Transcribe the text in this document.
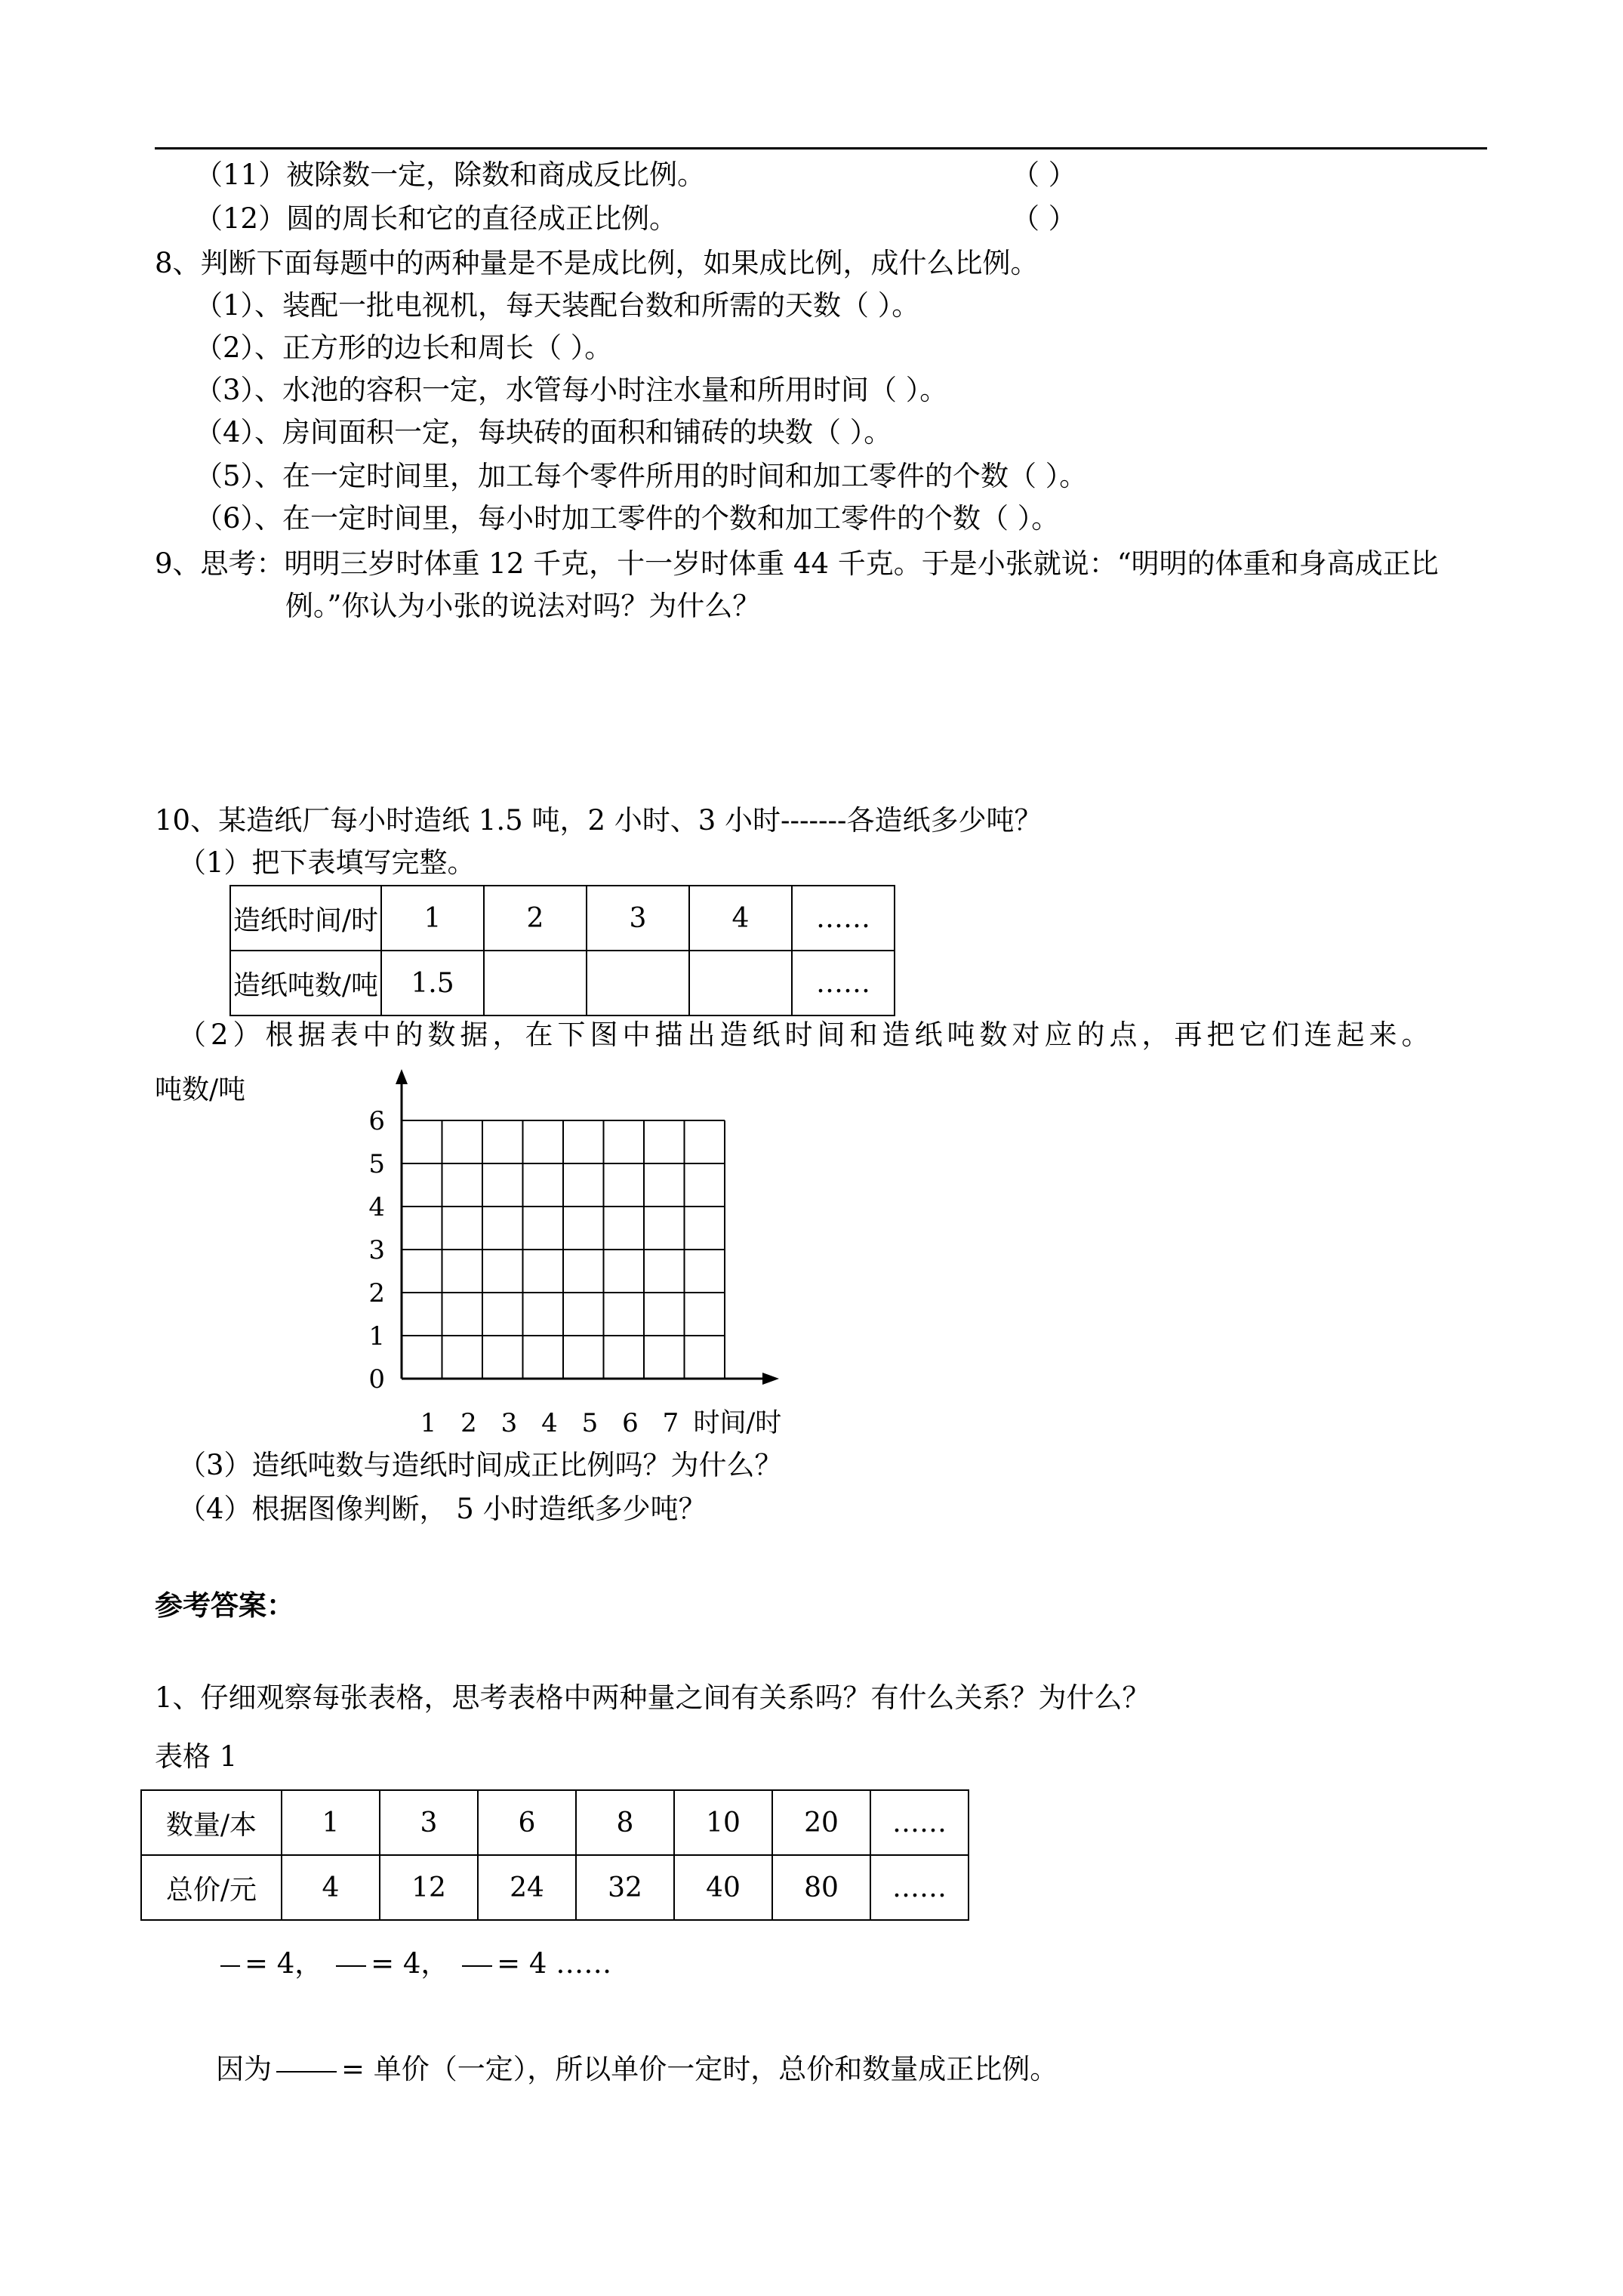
（11）被除数一定，除数和商成反比例。	（ ）
（12）圆的周长和它的直径成正比例。	（ ）
8、判断下面每题中的两种量是不是成比例，如果成比例，成什么比例。
（1）、装配一批电视机，每天装配台数和所需的天数（ ）。
（2）、正方形的边长和周长（ ）。
（3）、水池的容积一定，水管每小时注水量和所用时间（ ）。
（4）、房间面积一定，每块砖的面积和铺砖的块数（ ）。
（5）、在一定时间里，加工每个零件所用的时间和加工零件的个数（ ）。
（6）、在一定时间里，每小时加工零件的个数和加工零件的个数（ ）。
9、思考：明明三岁时体重 12 千克，十一岁时体重 44 千克。于是小张就说：“明明的体重和身高成正比
例。”你认为小张的说法对吗？为什么？
10、某造纸厂每小时造纸 1.5 吨，2 小时、3 小时-------各造纸多少吨？
（1）把下表填写完整。
造纸时间/时	1	2	3	4	……
造纸吨数/吨	1.5				……
（2）根据表中的数据，在下图中描出造纸时间和造纸吨数对应的点，再把它们连起来。
0
1
2
3
4
5
6
1 2 3 4 5 6 7 时间/时
吨数/吨
（3）造纸吨数与造纸时间成正比例吗？为什么？
（4）根据图像判断， 5 小时造纸多少吨？
参考答案：
1、仔细观察每张表格，思考表格中两种量之间有关系吗？有什么关系？为什么？
表格 1
数量/本	1	3	6	8	10	20	……
总价/元	4	12	24	32	40	80	……
= 4， = 4， = 4 ……
因为 = 单价（一定），所以单价一定时，总价和数量成正比例。
